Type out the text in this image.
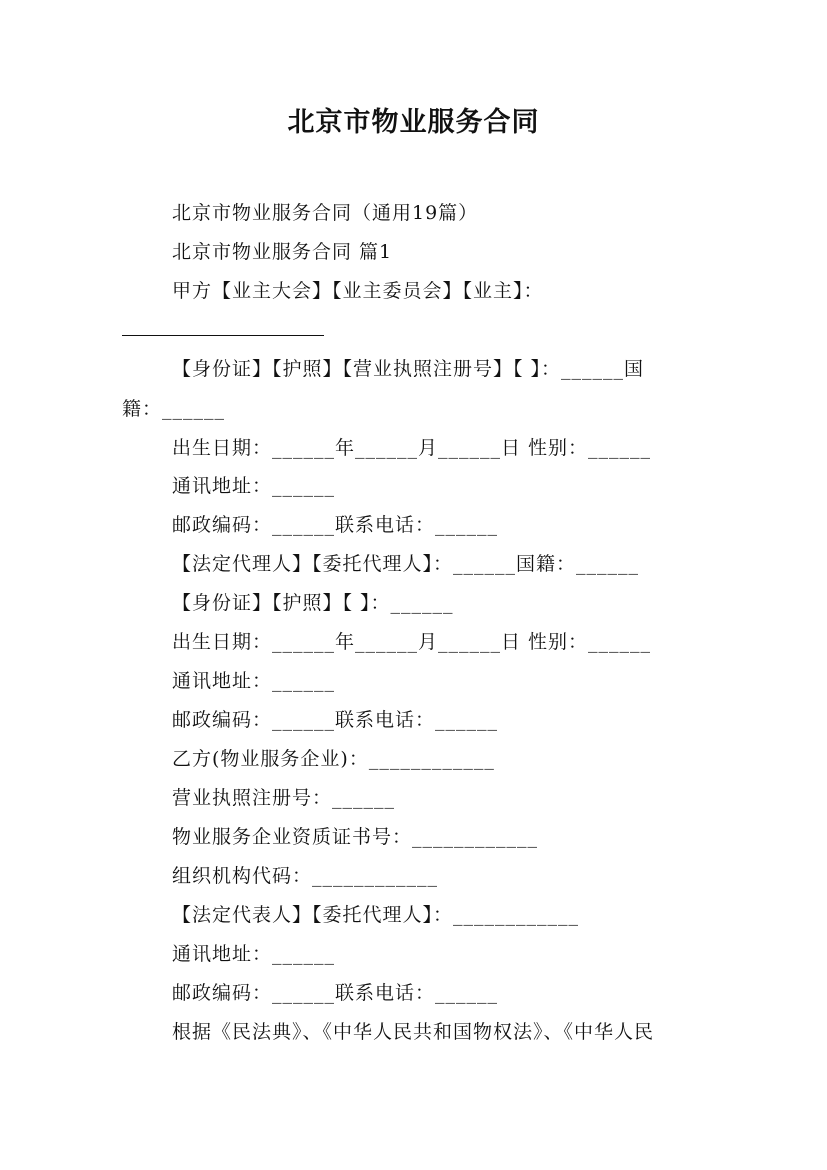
北京市物业服务合同
北京市物业服务合同（通用19篇）
北京市物业服务合同 篇1
甲方【业主大会】【业主委员会】【业主】：
【身份证】【护照】【营业执照注册号】【 】：______国
籍：______
出生日期：______年______月______日 性别：______
通讯地址：______
邮政编码：______联系电话：______
【法定代理人】【委托代理人】：______国籍：______
【身份证】【护照】【 】：______
出生日期：______年______月______日 性别：______
通讯地址：______
邮政编码：______联系电话：______
乙方(物业服务企业)：____________
营业执照注册号：______
物业服务企业资质证书号：____________
组织机构代码：____________
【法定代表人】【委托代理人】：____________
通讯地址：______
邮政编码：______联系电话：______
根据《民法典》、《中华人民共和国物权法》、《中华人民
